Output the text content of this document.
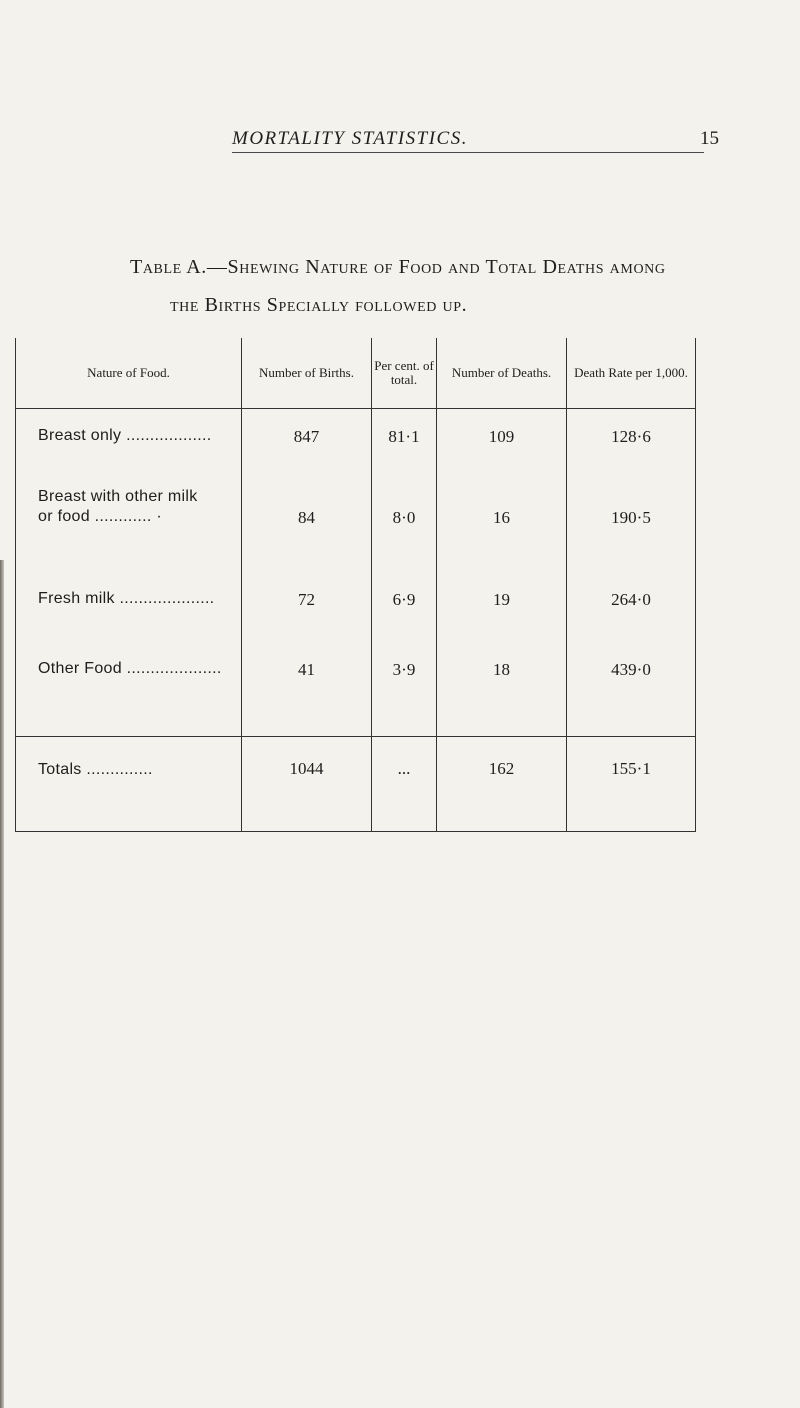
MORTALITY STATISTICS.	15
Table A.—Shewing Nature of Food and Total Deaths among
the Births Specially followed up.
Nature of Food.	Number of Births.	Per cent. of total.	Number of Deaths.	Death Rate per 1,000.
Breast only ..................	847	81·1	109	128·6

Breast with other milk
or food ............ ·	84	8·0	16	190·5
Fresh milk ....................	72	6·9	19	264·0
Other Food ....................	41	3·9	18	439·0

Totals ..............	1044	...	162	155·1
